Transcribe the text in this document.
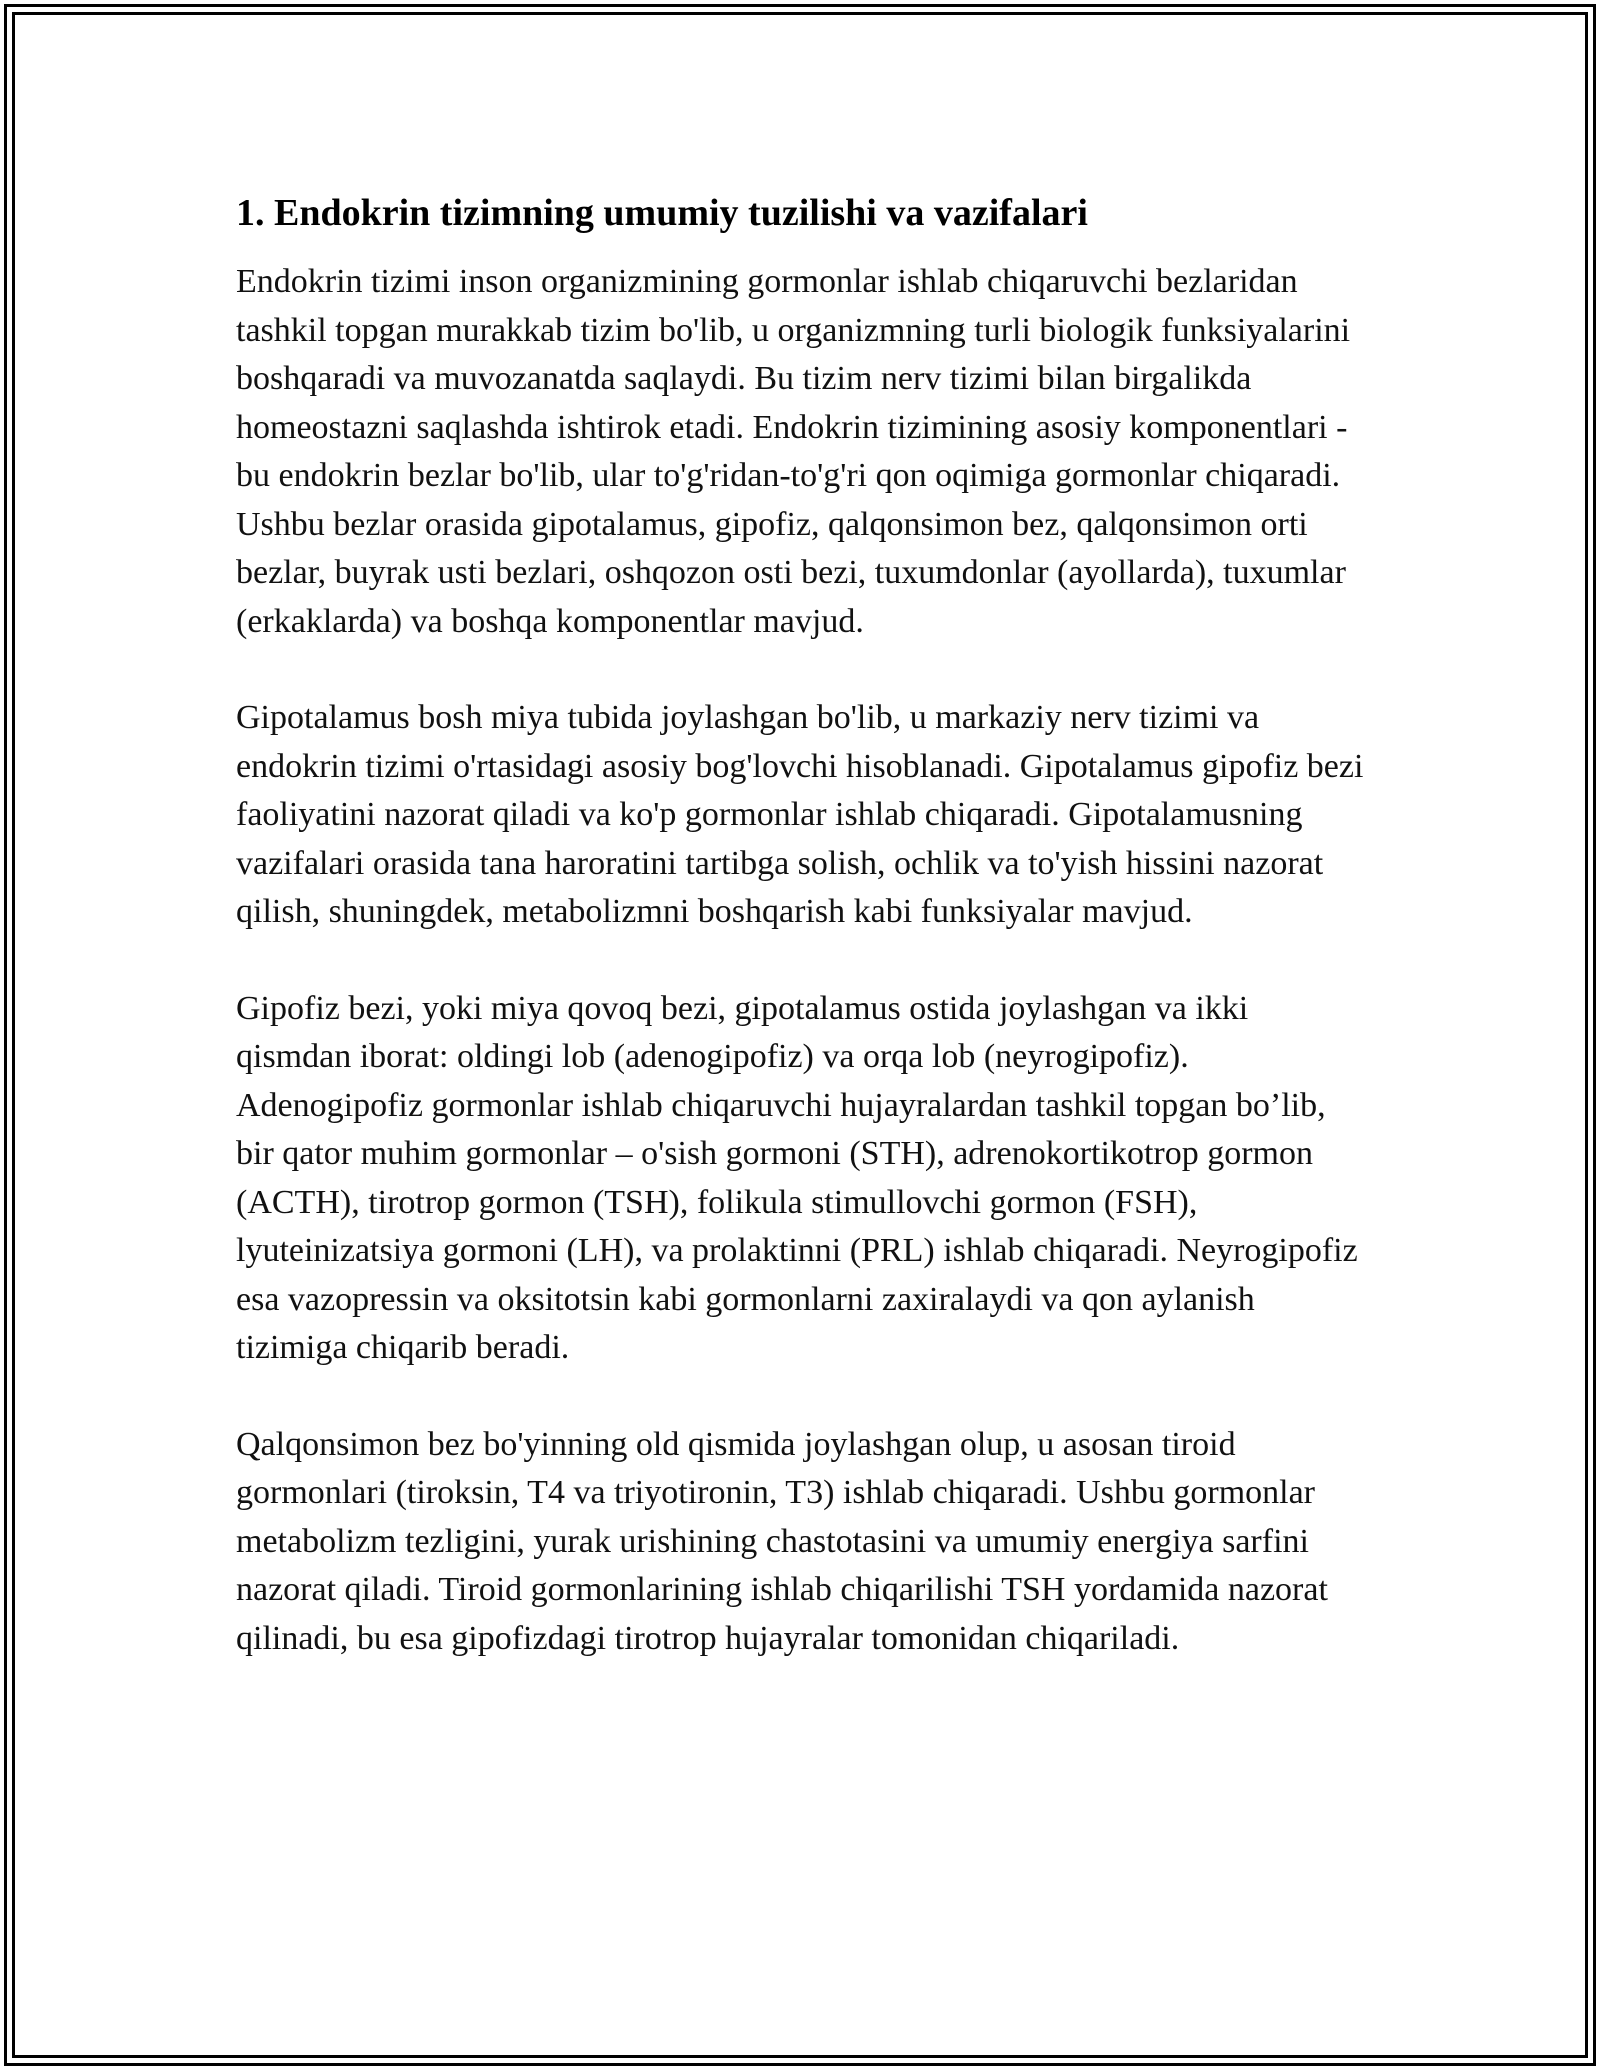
1. Endokrin tizimning umumiy tuzilishi va vazifalari

Endokrin tizimi inson organizmining gormonlar ishlab chiqaruvchi bezlaridan tashkil topgan murakkab tizim bo'lib, u organizmning turli biologik funksiyalarini boshqaradi va muvozanatda saqlaydi. Bu tizim nerv tizimi bilan birgalikda homeostazni saqlashda ishtirok etadi. Endokrin tizimining asosiy komponentlari - bu endokrin bezlar bo'lib, ular to'g'ridan-to'g'ri qon oqimiga gormonlar chiqaradi. Ushbu bezlar orasida gipotalamus, gipofiz, qalqonsimon bez, qalqonsimon orti bezlar, buyrak usti bezlari, oshqozon osti bezi, tuxumdonlar (ayollarda), tuxumlar (erkaklarda) va boshqa komponentlar mavjud.

Gipotalamus bosh miya tubida joylashgan bo'lib, u markaziy nerv tizimi va endokrin tizimi o'rtasidagi asosiy bog'lovchi hisoblanadi. Gipotalamus gipofiz bezi faoliyatini nazorat qiladi va ko'p gormonlar ishlab chiqaradi. Gipotalamusning vazifalari orasida tana haroratini tartibga solish, ochlik va to'yish hissini nazorat qilish, shuningdek, metabolizmni boshqarish kabi funksiyalar mavjud.

Gipofiz bezi, yoki miya qovoq bezi, gipotalamus ostida joylashgan va ikki qismdan iborat: oldingi lob (adenogipofiz) va orqa lob (neyrogipofiz). Adenogipofiz gormonlar ishlab chiqaruvchi hujayralardan tashkil topgan bo’lib, bir qator muhim gormonlar – o'sish gormoni (STH), adrenokortikotrop gormon (ACTH), tirotrop gormon (TSH), folikula stimullovchi gormon (FSH), lyuteinizatsiya gormoni (LH), va prolaktinni (PRL) ishlab chiqaradi. Neyrogipofiz esa vazopressin va oksitotsin kabi gormonlarni zaxiralaydi va qon aylanish tizimiga chiqarib beradi.

Qalqonsimon bez bo'yinning old qismida joylashgan olup, u asosan tiroid gormonlari (tiroksin, T4 va triyotironin, T3) ishlab chiqaradi. Ushbu gormonlar metabolizm tezligini, yurak urishining chastotasini va umumiy energiya sarfini nazorat qiladi. Tiroid gormonlarining ishlab chiqarilishi TSH yordamida nazorat qilinadi, bu esa gipofizdagi tirotrop hujayralar tomonidan chiqariladi.
